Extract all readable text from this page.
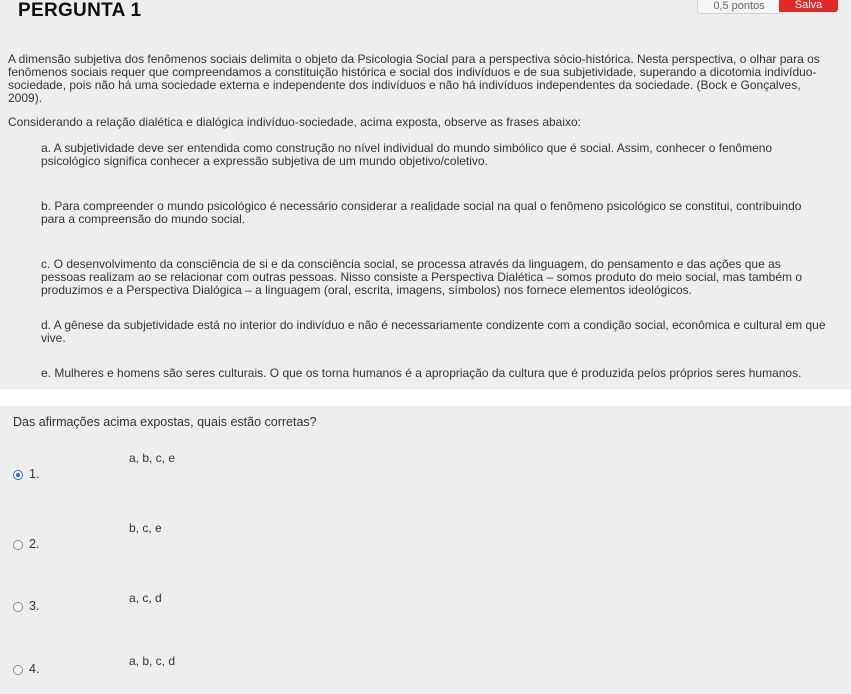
PERGUNTA 1	0,5 pontos	Salva
A dimensão subjetiva dos fenômenos sociais delimita o objeto da Psicologia Social para a perspectiva sócio-histórica. Nesta perspectiva, o olhar para os fenômenos sociais requer que compreendamos a constituição histórica e social dos indivíduos e de sua subjetividade, superando a dicotomia indivíduo-sociedade, pois não há uma sociedade externa e independente dos indivíduos e não há indivíduos independentes da sociedade. (Bock e Gonçalves, 2009).
Considerando a relação dialética e dialógica indivíduo-sociedade, acima exposta, observe as frases abaixo:
a. A subjetividade deve ser entendida como construção no nível individual do mundo simbólico que é social. Assim, conhecer o fenômeno psicológico significa conhecer a expressão subjetiva de um mundo objetivo/coletivo.
b. Para compreender o mundo psicológico é necessário considerar a realidade social na qual o fenômeno psicológico se constitui, contribuindo para a compreensão do mundo social.
c. O desenvolvimento da consciência de si e da consciência social, se processa através da linguagem, do pensamento e das ações que as pessoas realizam ao se relacionar com outras pessoas. Nisso consiste a Perspectiva Dialética – somos produto do meio social, mas também o produzimos e a Perspectiva Dialógica – a linguagem (oral, escrita, imagens, símbolos) nos fornece elementos ideológicos.
d. A gênese da subjetividade está no interior do indivíduo e não é necessariamente condizente com a condição social, econômica e cultural em que vive.
e. Mulheres e homens são seres culturais. O que os torna humanos é a apropriação da cultura que é produzida pelos próprios seres humanos.
Das afirmações acima expostas, quais estão corretas?
1.
a, b, c, e
2.
b, c, e
3.
a, c, d
4.
a, b, c, d
